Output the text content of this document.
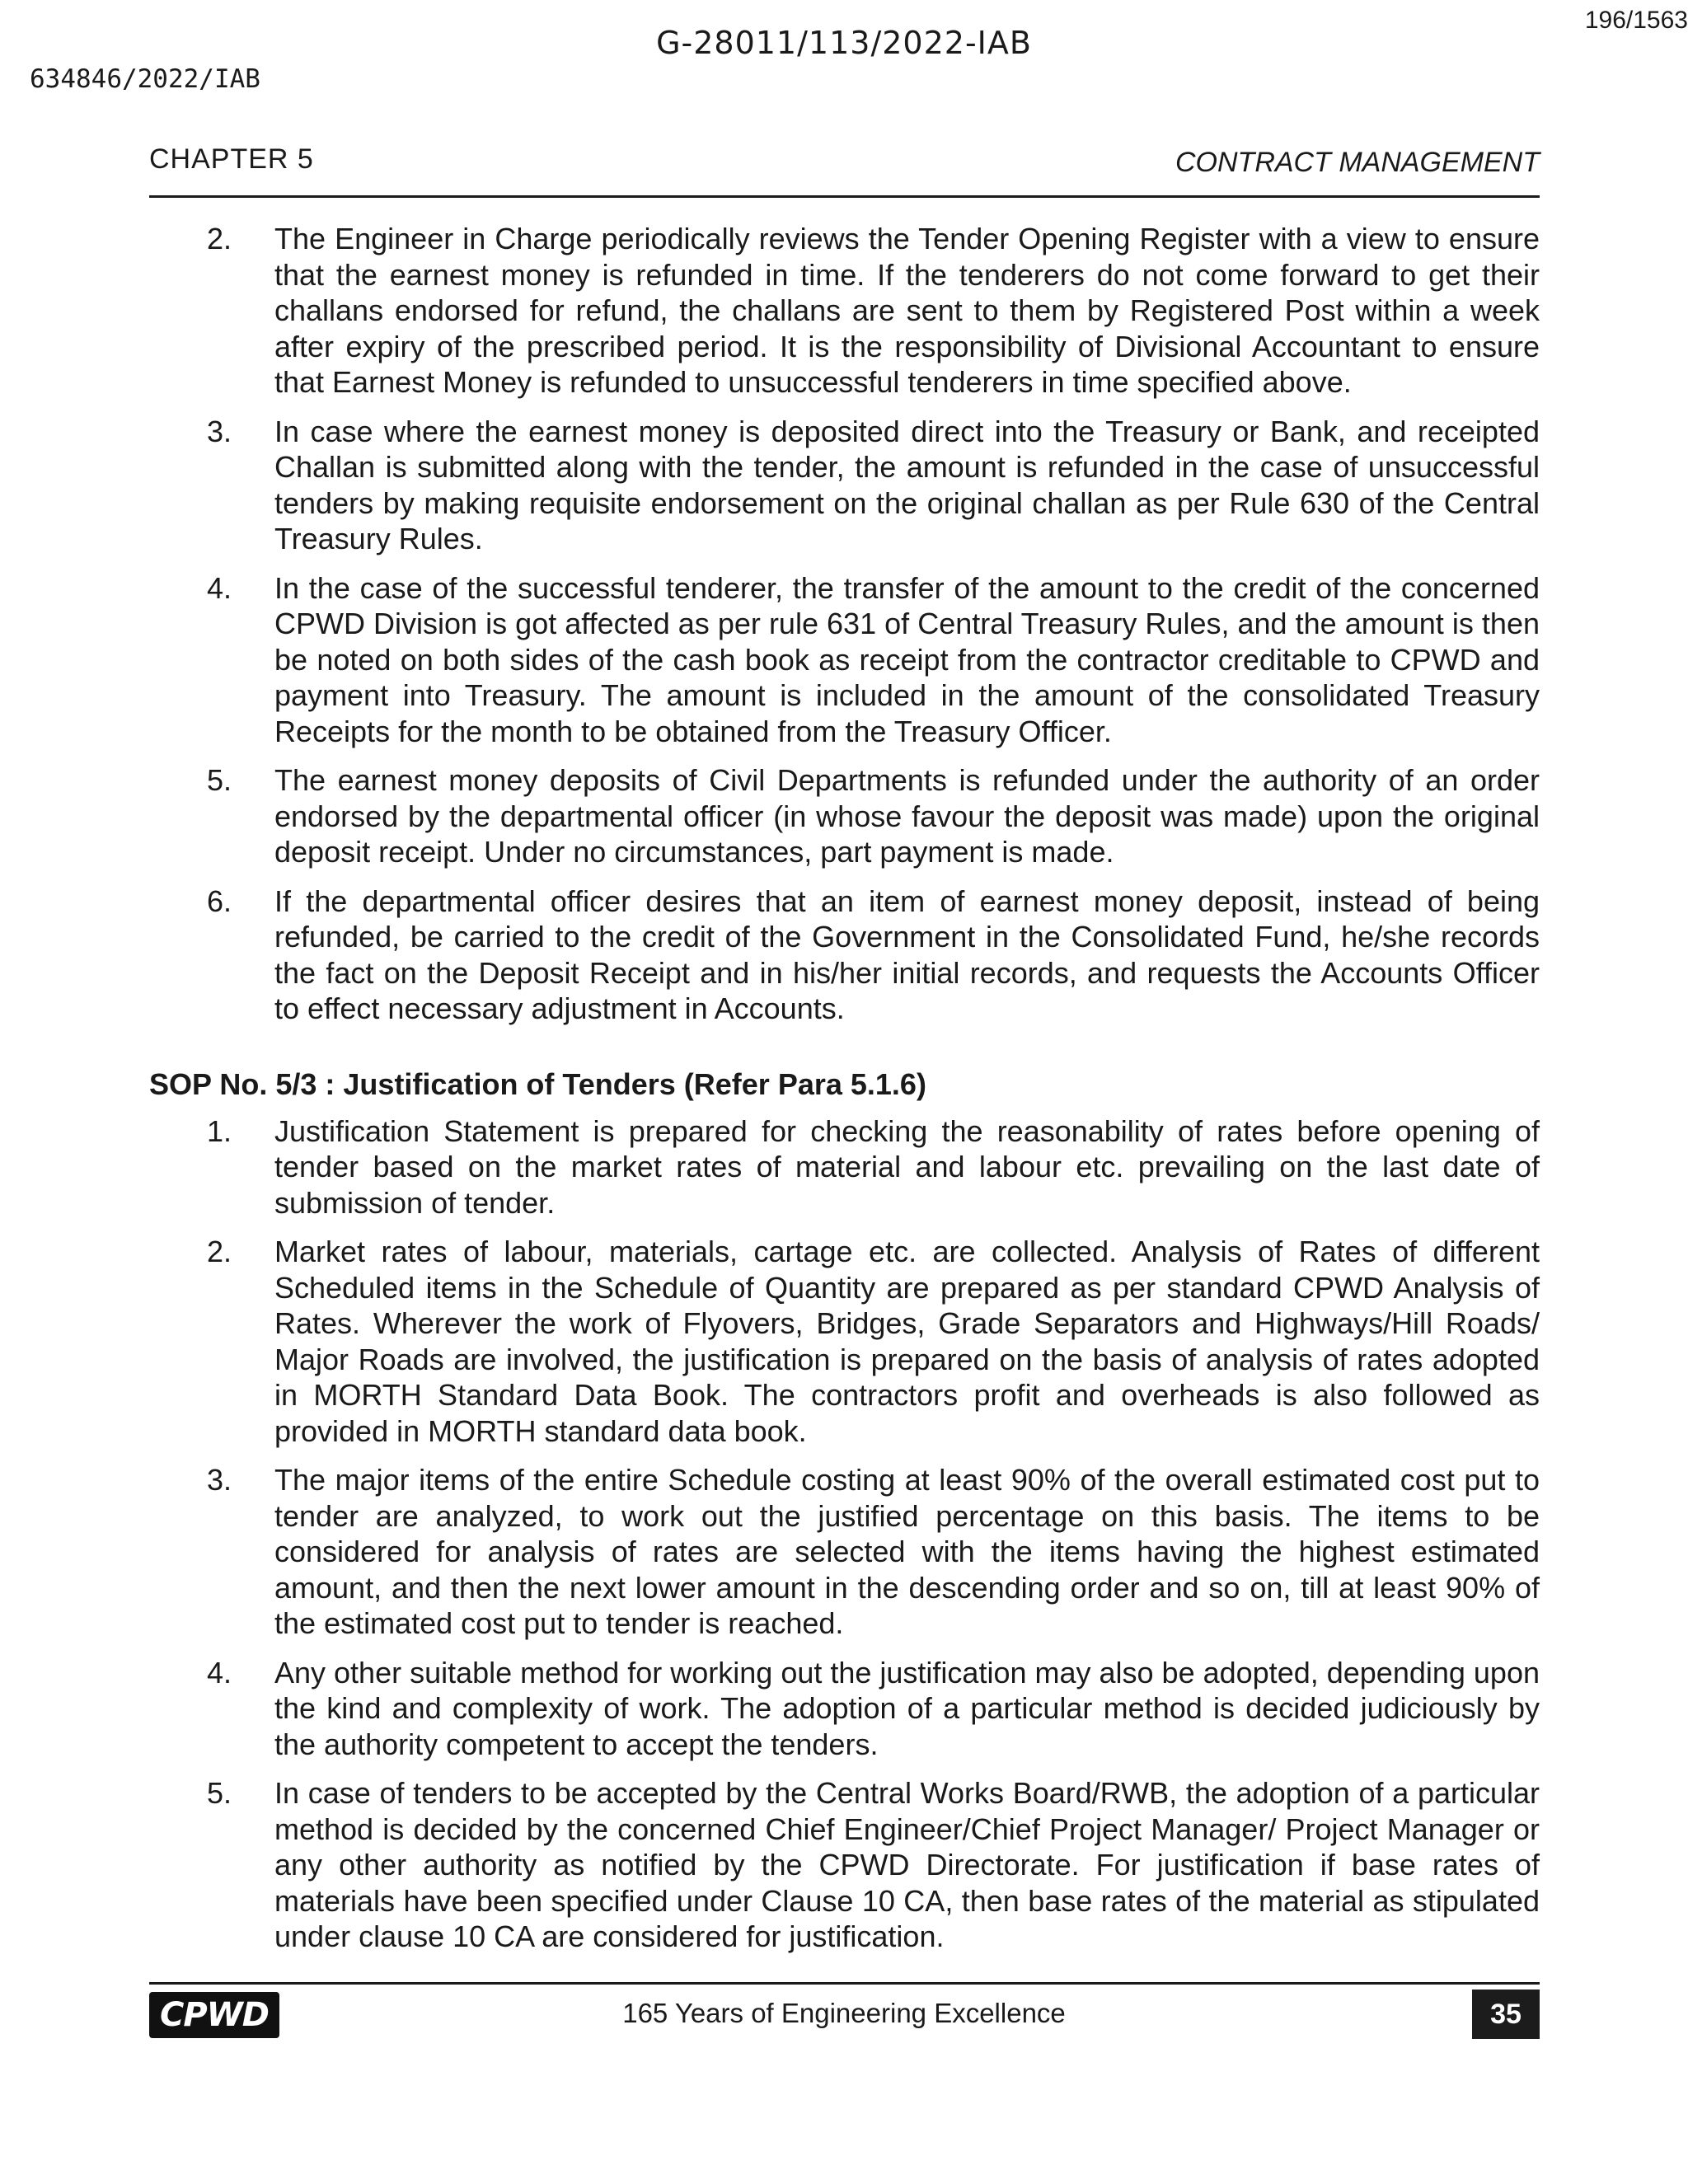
G-28011/113/2022-IAB
196/1563
634846/2022/IAB
CHAPTER 5	CONTRACT MANAGEMENT
2. The Engineer in Charge periodically reviews the Tender Opening Register with a view to ensure that the earnest money is refunded in time. If the tenderers do not come forward to get their challans endorsed for refund, the challans are sent to them by Registered Post within a week after expiry of the prescribed period. It is the responsibility of Divisional Accountant to ensure that Earnest Money is refunded to unsuccessful tenderers in time specified above.
3. In case where the earnest money is deposited direct into the Treasury or Bank, and receipted Challan is submitted along with the tender, the amount is refunded in the case of unsuccessful tenders by making requisite endorsement on the original challan as per Rule 630 of the Central Treasury Rules.
4. In the case of the successful tenderer, the transfer of the amount to the credit of the concerned CPWD Division is got affected as per rule 631 of Central Treasury Rules, and the amount is then be noted on both sides of the cash book as receipt from the contractor creditable to CPWD and payment into Treasury. The amount is included in the amount of the consolidated Treasury Receipts for the month to be obtained from the Treasury Officer.
5. The earnest money deposits of Civil Departments is refunded under the authority of an order endorsed by the departmental officer (in whose favour the deposit was made) upon the original deposit receipt. Under no circumstances, part payment is made.
6. If the departmental officer desires that an item of earnest money deposit, instead of being refunded, be carried to the credit of the Government in the Consolidated Fund, he/she records the fact on the Deposit Receipt and in his/her initial records, and requests the Accounts Officer to effect necessary adjustment in Accounts.
SOP No. 5/3 : Justification of Tenders (Refer Para 5.1.6)
1. Justification Statement is prepared for checking the reasonability of rates before opening of tender based on the market rates of material and labour etc. prevailing on the last date of submission of tender.
2. Market rates of labour, materials, cartage etc. are collected. Analysis of Rates of different Scheduled items in the Schedule of Quantity are prepared as per standard CPWD Analysis of Rates. Wherever the work of Flyovers, Bridges, Grade Separators and Highways/Hill Roads/ Major Roads are involved, the justification is prepared on the basis of analysis of rates adopted in MORTH Standard Data Book. The contractors profit and overheads is also followed as provided in MORTH standard data book.
3. The major items of the entire Schedule costing at least 90% of the overall estimated cost put to tender are analyzed, to work out the justified percentage on this basis. The items to be considered for analysis of rates are selected with the items having the highest estimated amount, and then the next lower amount in the descending order and so on, till at least 90% of the estimated cost put to tender is reached.
4. Any other suitable method for working out the justification may also be adopted, depending upon the kind and complexity of work. The adoption of a particular method is decided judiciously by the authority competent to accept the tenders.
5. In case of tenders to be accepted by the Central Works Board/RWB, the adoption of a particular method is decided by the concerned Chief Engineer/Chief Project Manager/ Project Manager or any other authority as notified by the CPWD Directorate. For justification if base rates of materials have been specified under Clause 10 CA, then base rates of the material as stipulated under clause 10 CA are considered for justification.
CPWD	165 Years of Engineering Excellence	35
